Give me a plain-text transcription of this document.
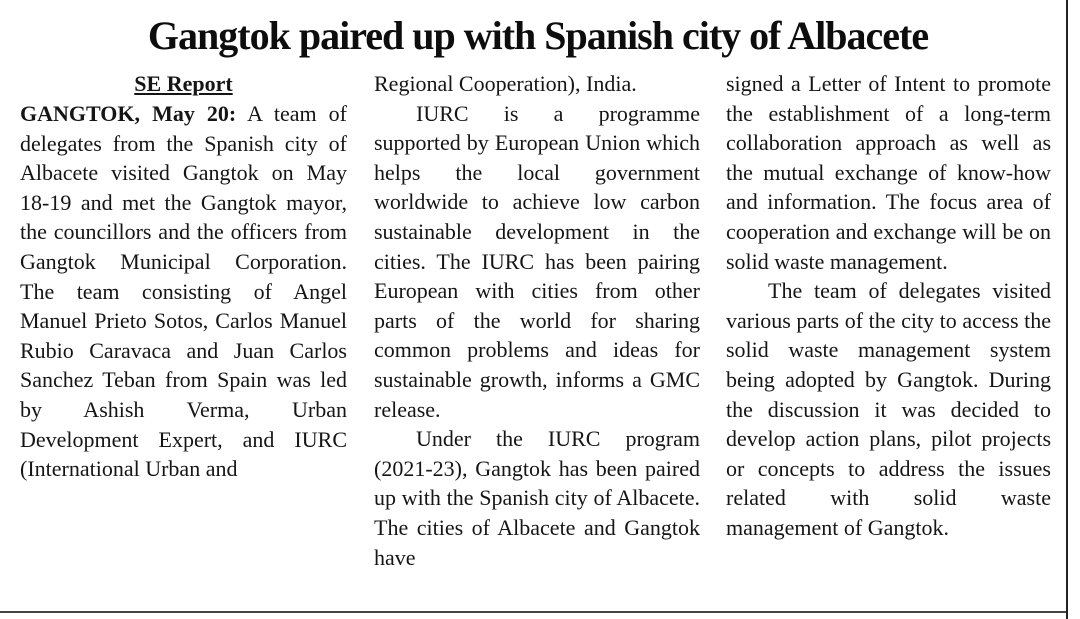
Gangtok paired up with Spanish city of Albacete

SE Report

GANGTOK, May 20: A team of delegates from the Spanish city of Albacete visited Gangtok on May 18-19 and met the Gangtok mayor, the councillors and the officers from Gangtok Municipal Corporation. The team consisting of Angel Manuel Prieto Sotos, Carlos Manuel Rubio Caravaca and Juan Carlos Sanchez Teban from Spain was led by Ashish Verma, Urban Development Expert, and IURC (International Urban and

Regional Cooperation), India.

IURC is a programme supported by European Union which helps the local government worldwide to achieve low carbon sustainable development in the cities. The IURC has been pairing European with cities from other parts of the world for sharing common problems and ideas for sustainable growth, informs a GMC release.

Under the IURC program (2021-23), Gangtok has been paired up with the Spanish city of Albacete. The cities of Albacete and Gangtok have

signed a Letter of Intent to promote the establishment of a long-term collaboration approach as well as the mutual exchange of know-how and information. The focus area of cooperation and exchange will be on solid waste management.

The team of delegates visited various parts of the city to access the solid waste management system being adopted by Gangtok. During the discussion it was decided to develop action plans, pilot projects or concepts to address the issues related with solid waste management of Gangtok.
